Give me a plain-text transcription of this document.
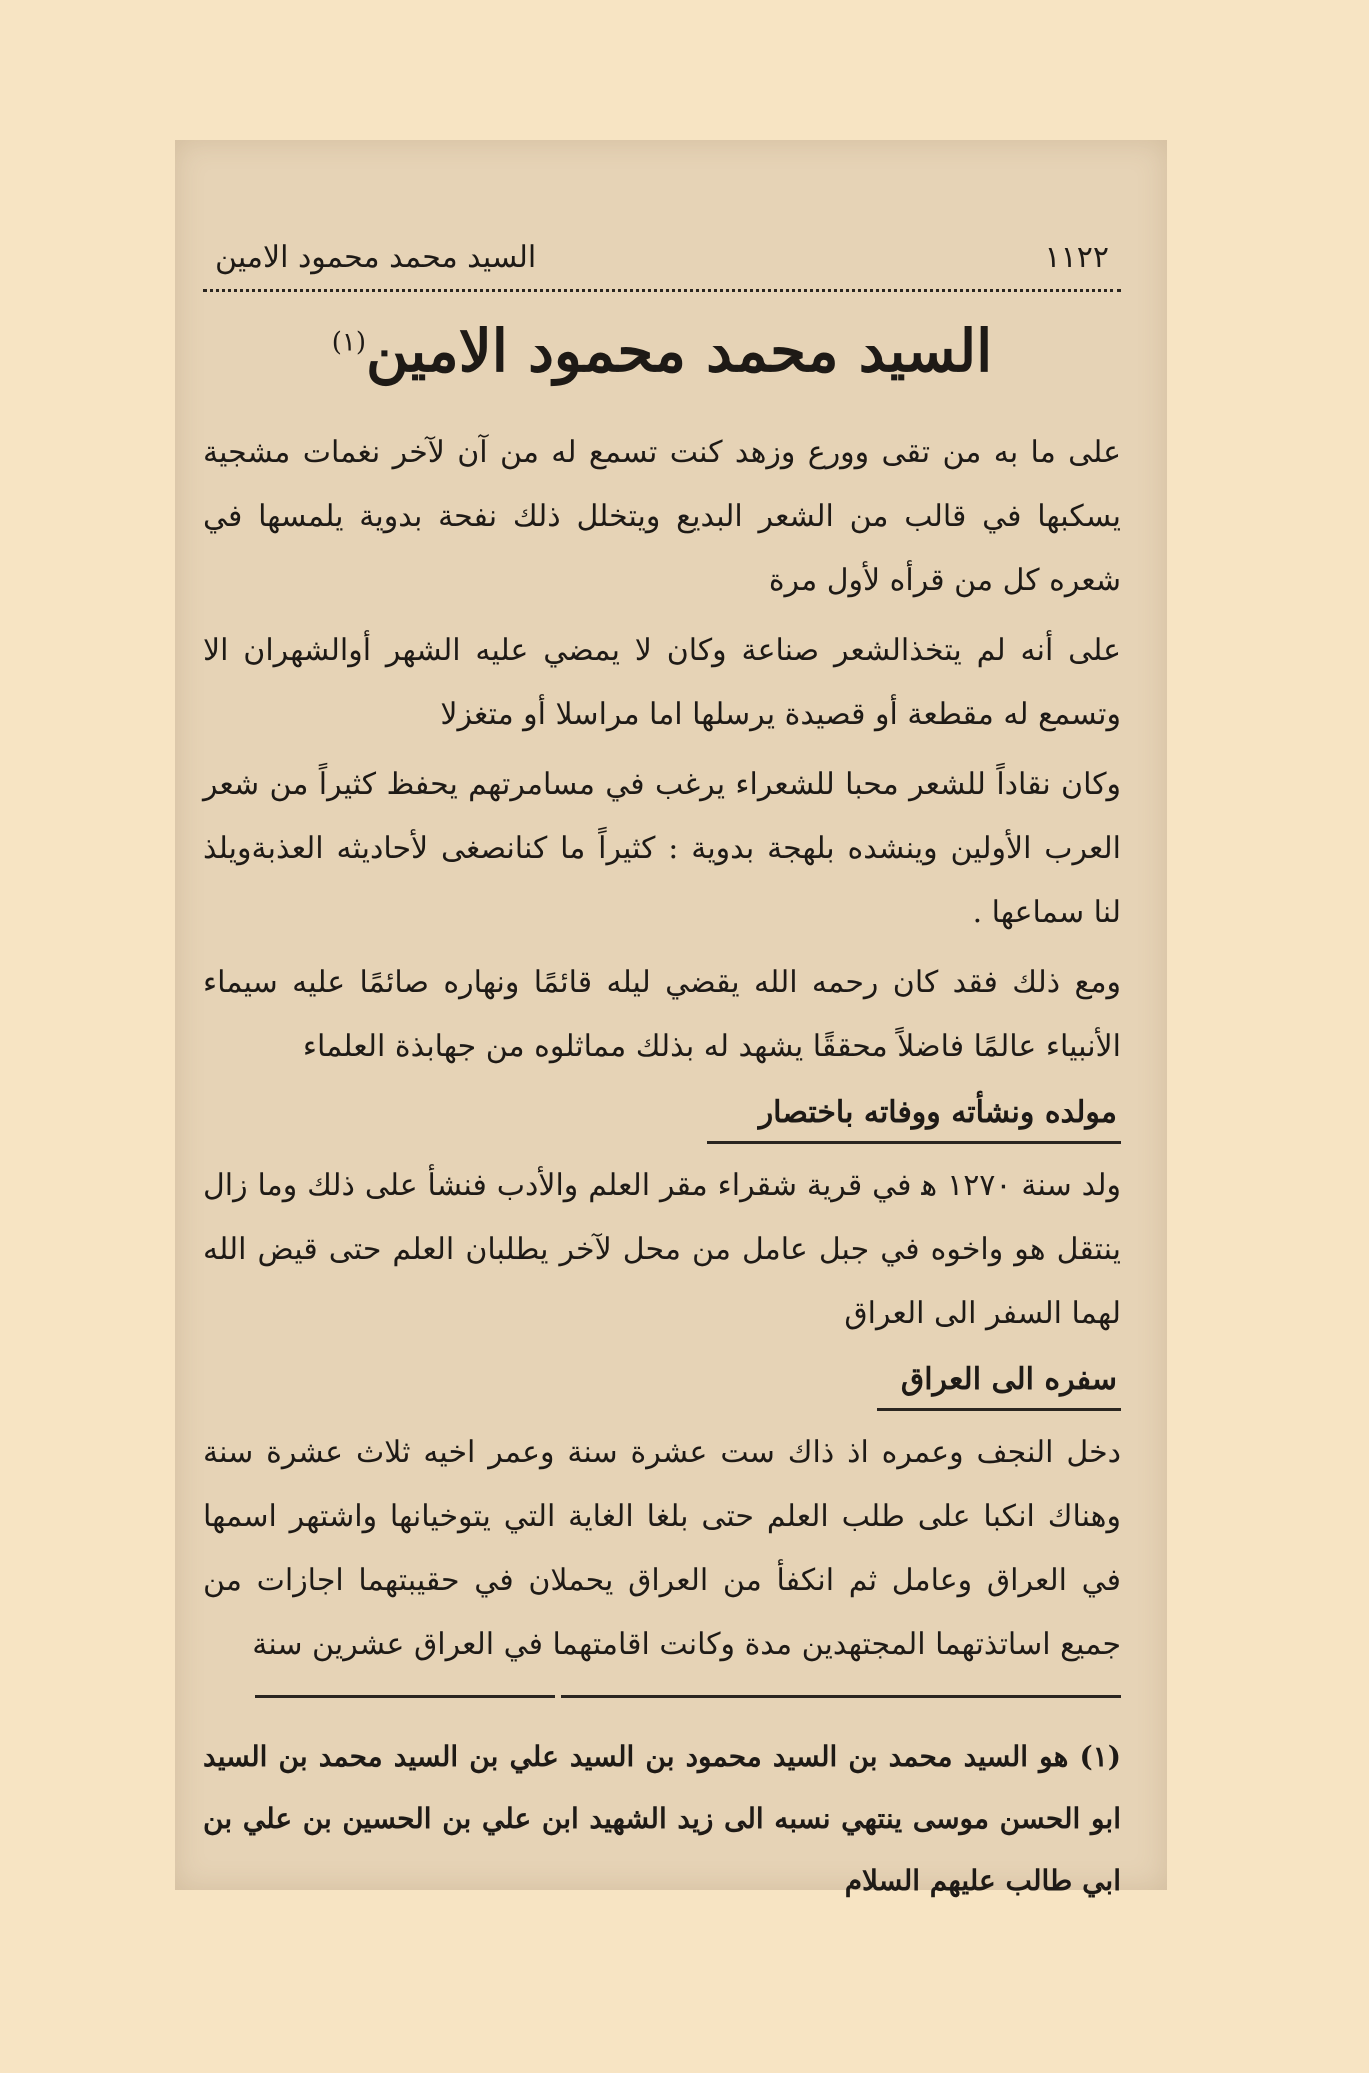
١١٢٢
السيد محمد محمود الامين
السيد محمد محمود الامين$^{(١)}$

على ما به من تقى وورع وزهد كنت تسمع له من آن لآخر نغمات مشجية يسكبها في قالب من الشعر البديع ويتخلل ذلك نفحة بدوية يلمسها في شعره كل من قرأه لأول مرة

على أنه لم يتخذالشعر صناعة وكان لا يمضي عليه الشهر أوالشهران الا وتسمع له مقطعة أو قصيدة يرسلها اما مراسلا أو متغزلا

وكان نقاداً للشعر محبا للشعراء يرغب في مسامرتهم يحفظ كثيراً من شعر العرب الأولين وينشده بلهجة بدوية : كثيراً ما كنانصغى لأحاديثه العذبةويلذ لنا سماعها .

ومع ذلك فقد كان رحمه الله يقضي ليله قائمًا ونهاره صائمًا عليه سيماء الأنبياء عالمًا فاضلاً محققًا يشهد له بذلك مماثلوه من جهابذة العلماء

مولده ونشأته ووفاته باختصار

ولد سنة ١٢٧٠ ﻫ في قرية شقراء مقر العلم والأدب فنشأ على ذلك وما زال ينتقل هو واخوه في جبل عامل من محل لآخر يطلبان العلم حتى قيض الله لهما السفر الى العراق

سفره الى العراق

دخل النجف وعمره اذ ذاك ست عشرة سنة وعمر اخيه ثلاث عشرة سنة وهناك انكبا على طلب العلم حتى بلغا الغاية التي يتوخيانها واشتهر اسمها في العراق وعامل ثم انكفأ من العراق يحملان في حقيبتهما اجازات من جميع اساتذتهما المجتهدين مدة وكانت اقامتهما في العراق عشرين سنة

(١) هو السيد محمد بن السيد محمود بن السيد علي بن السيد محمد بن السيد ابو الحسن موسى ينتهي نسبه الى زيد الشهيد ابن علي بن الحسين بن علي بن ابي طالب عليهم السلام
